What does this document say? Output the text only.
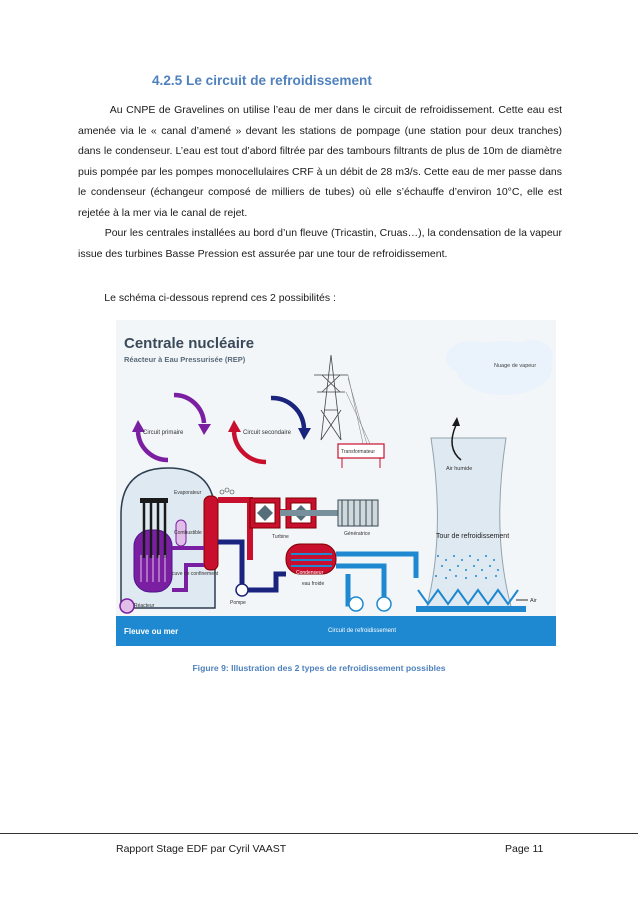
4.2.5 Le circuit de refroidissement

Au CNPE de Gravelines on utilise l’eau de mer dans le circuit de refroidissement. Cette eau est amenée via le « canal d’amené » devant les stations de pompage (une station pour deux tranches) dans le condenseur. L’eau est tout d’abord filtrée par des tambours filtrants de plus de 10m de diamètre puis pompée par les pompes monocellulaires CRF à un débit de 28 m3/s. Cette eau de mer passe dans le condenseur (échangeur composé de milliers de tubes) où elle s’échauffe d’environ 10°C, elle est rejetée à la mer via le canal de rejet.

Pour les centrales installées au bord d’un fleuve (Tricastin, Cruas…), la condensation de la vapeur issue des turbines Basse Pression est assurée par une tour de refroidissement.

Le schéma ci-dessous reprend ces 2 possibilités :

Nuage de vapeur
Centrale nucléaire
Réacteur à Eau Pressurisée (REP)
Transformateur
Circuit primaire	Circuit secondaire
Evaporateur
vapeur
Combustible
cuve de confinement
Réacteur
Turbine	Génératrice
Condenseur
Pompe
eau froide
Air humide
Tour de refroidissement
Air
Fleuve ou mer	Circuit de refroidissement
Figure 9: Illustration des 2 types de refroidissement possibles
Rapport Stage EDF par Cyril VAAST	Page 11
